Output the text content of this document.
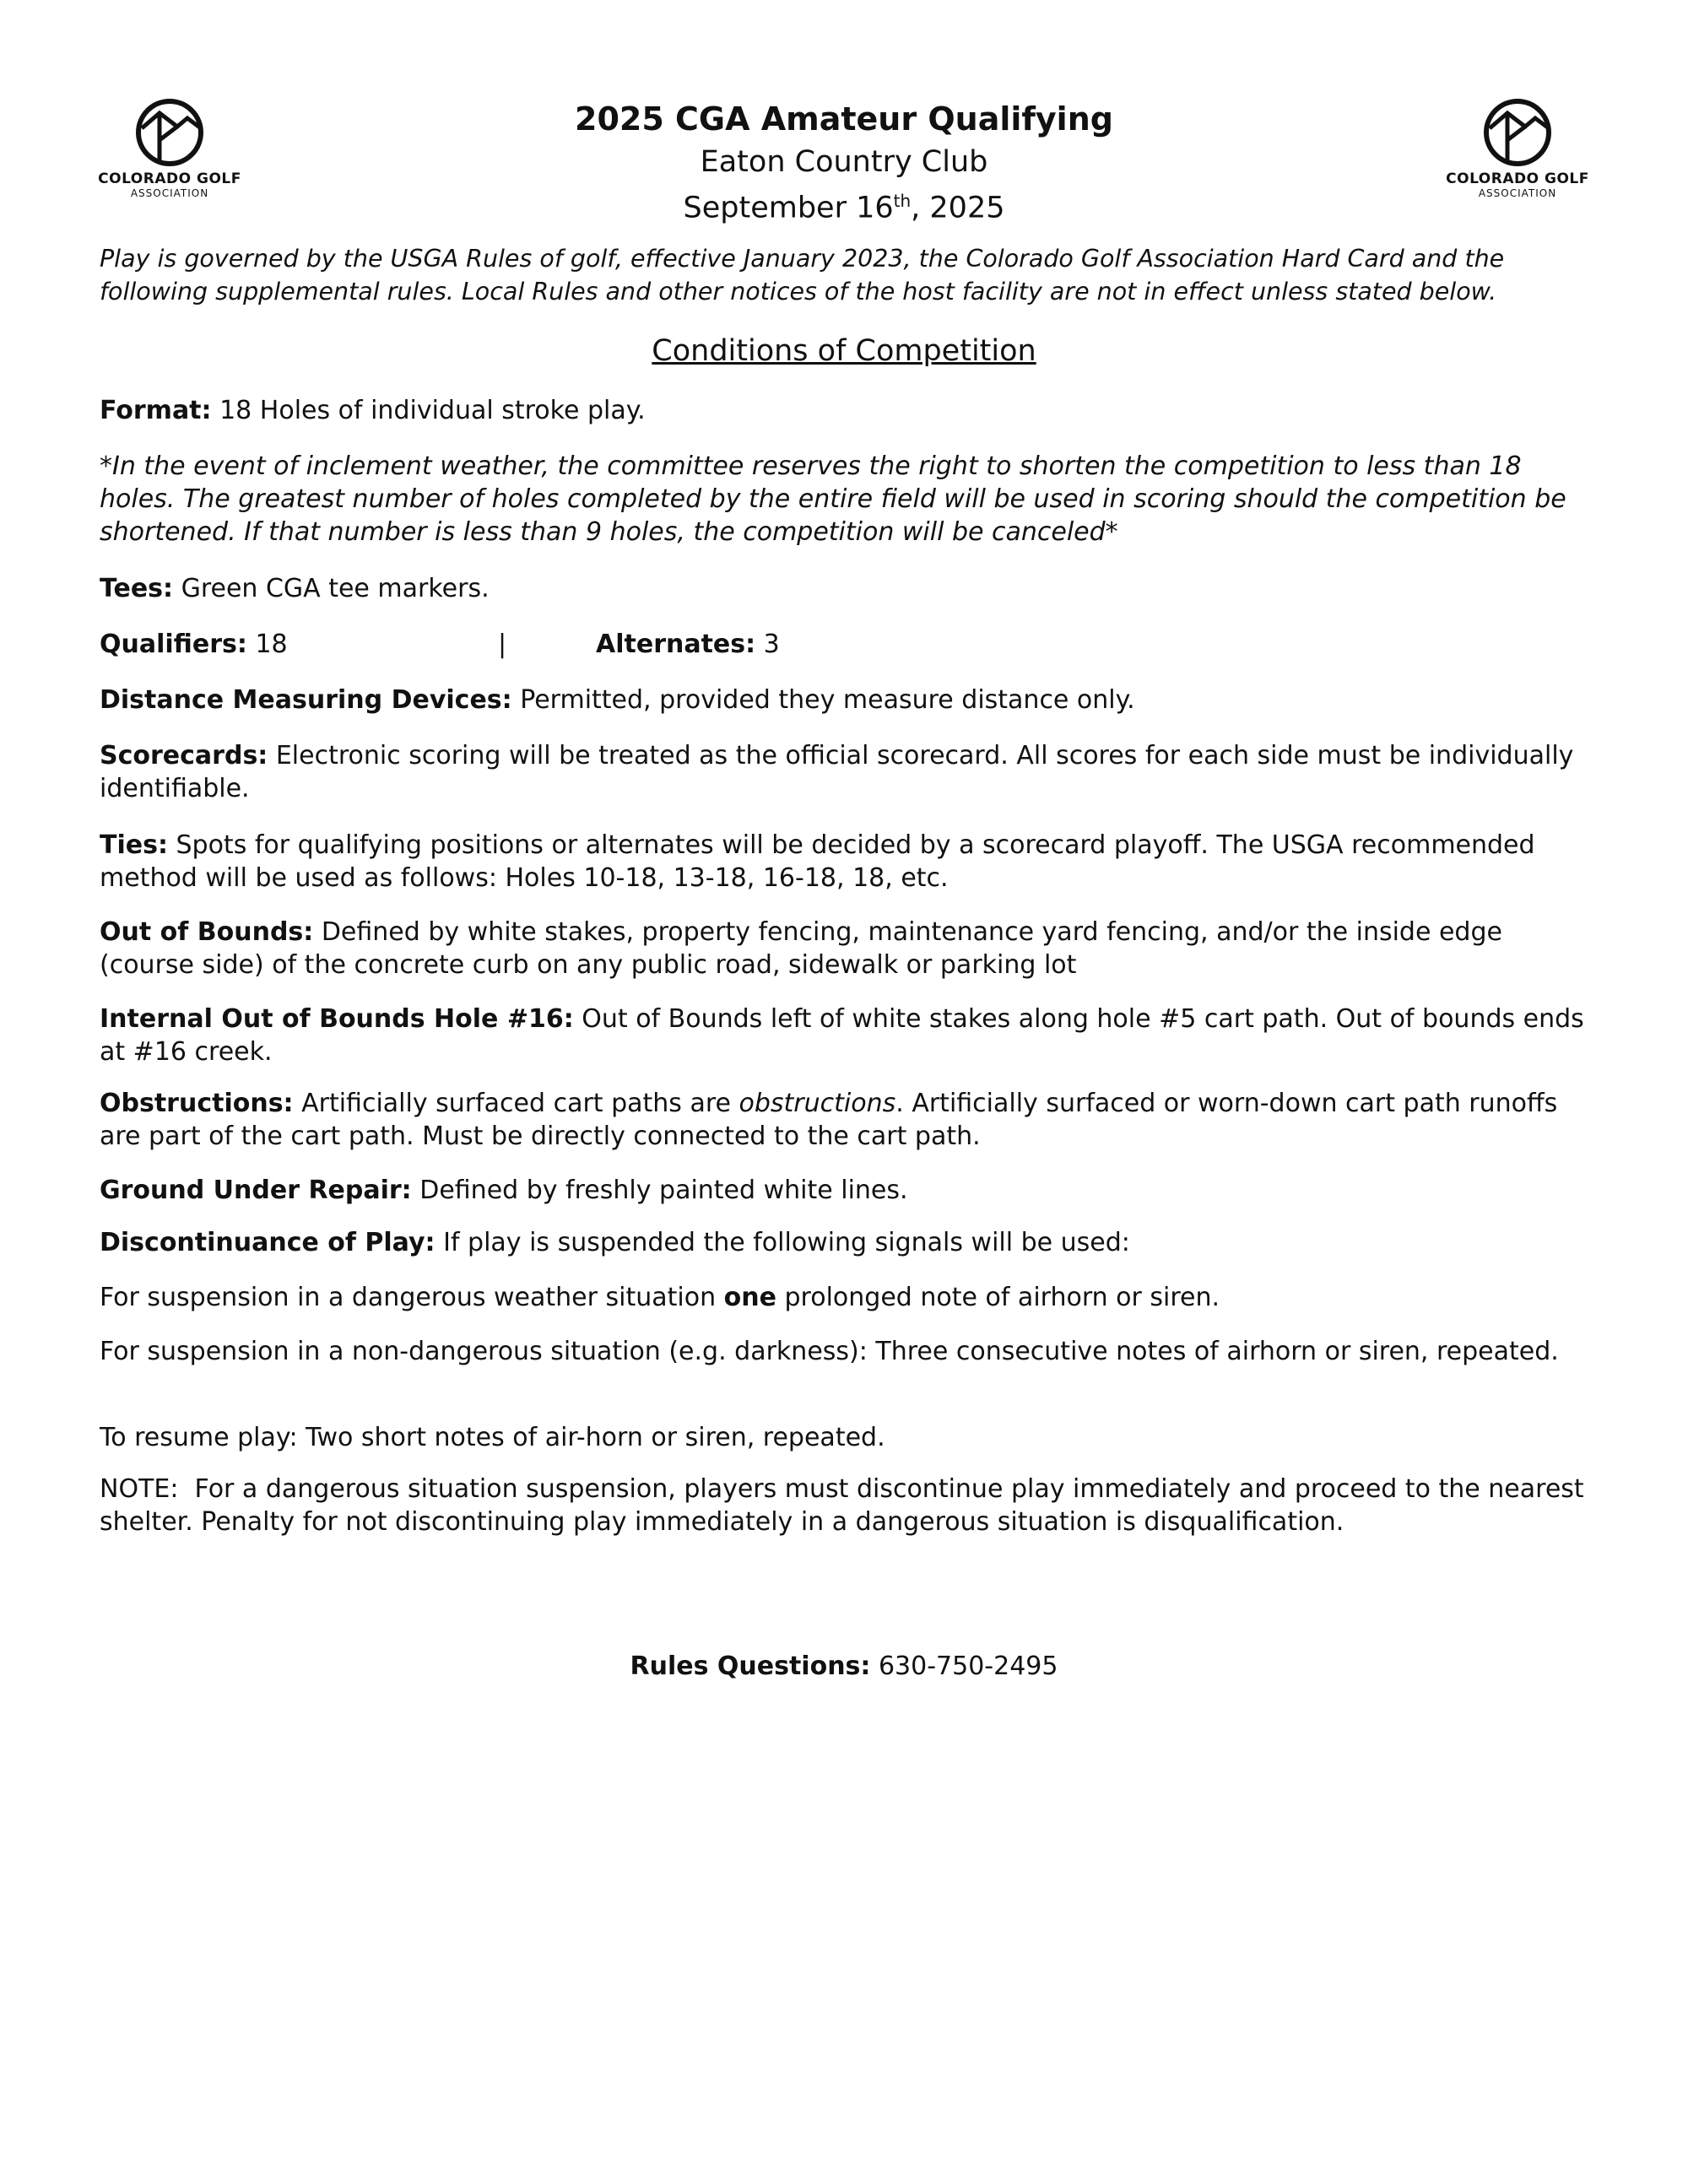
COLORADO GOLF
ASSOCIATION
COLORADO GOLF
ASSOCIATION
2025 CGA Amateur Qualifying
Eaton Country Club
September 16th, 2025
Play is governed by the USGA Rules of golf, effective January 2023, the Colorado Golf Association Hard Card and the following supplemental rules. Local Rules and other notices of the host facility are not in effect unless stated below.
Conditions of Competition
Format: 18 Holes of individual stroke play.
*In the event of inclement weather, the committee reserves the right to shorten the competition to less than 18 holes. The greatest number of holes completed by the entire field will be used in scoring should the competition be shortened. If that number is less than 9 holes, the competition will be canceled*
Tees: Green CGA tee markers.
Qualifiers: 18	|	Alternates: 3
Distance Measuring Devices: Permitted, provided they measure distance only.
Scorecards: Electronic scoring will be treated as the official scorecard. All scores for each side must be individually identifiable.
Ties: Spots for qualifying positions or alternates will be decided by a scorecard playoff. The USGA recommended method will be used as follows: Holes 10-18, 13-18, 16-18, 18, etc.
Out of Bounds: Defined by white stakes, property fencing, maintenance yard fencing, and/or the inside edge (course side) of the concrete curb on any public road, sidewalk or parking lot
Internal Out of Bounds Hole #16: Out of Bounds left of white stakes along hole #5 cart path. Out of bounds ends at #16 creek.
Obstructions: Artificially surfaced cart paths are obstructions. Artificially surfaced or worn-down cart path runoffs are part of the cart path. Must be directly connected to the cart path.
Ground Under Repair: Defined by freshly painted white lines.
Discontinuance of Play: If play is suspended the following signals will be used:
For suspension in a dangerous weather situation one prolonged note of airhorn or siren.
For suspension in a non-dangerous situation (e.g. darkness): Three consecutive notes of airhorn or siren, repeated.
To resume play: Two short notes of air-horn or siren, repeated.
NOTE:  For a dangerous situation suspension, players must discontinue play immediately and proceed to the nearest shelter. Penalty for not discontinuing play immediately in a dangerous situation is disqualification.
Rules Questions: 630-750-2495
